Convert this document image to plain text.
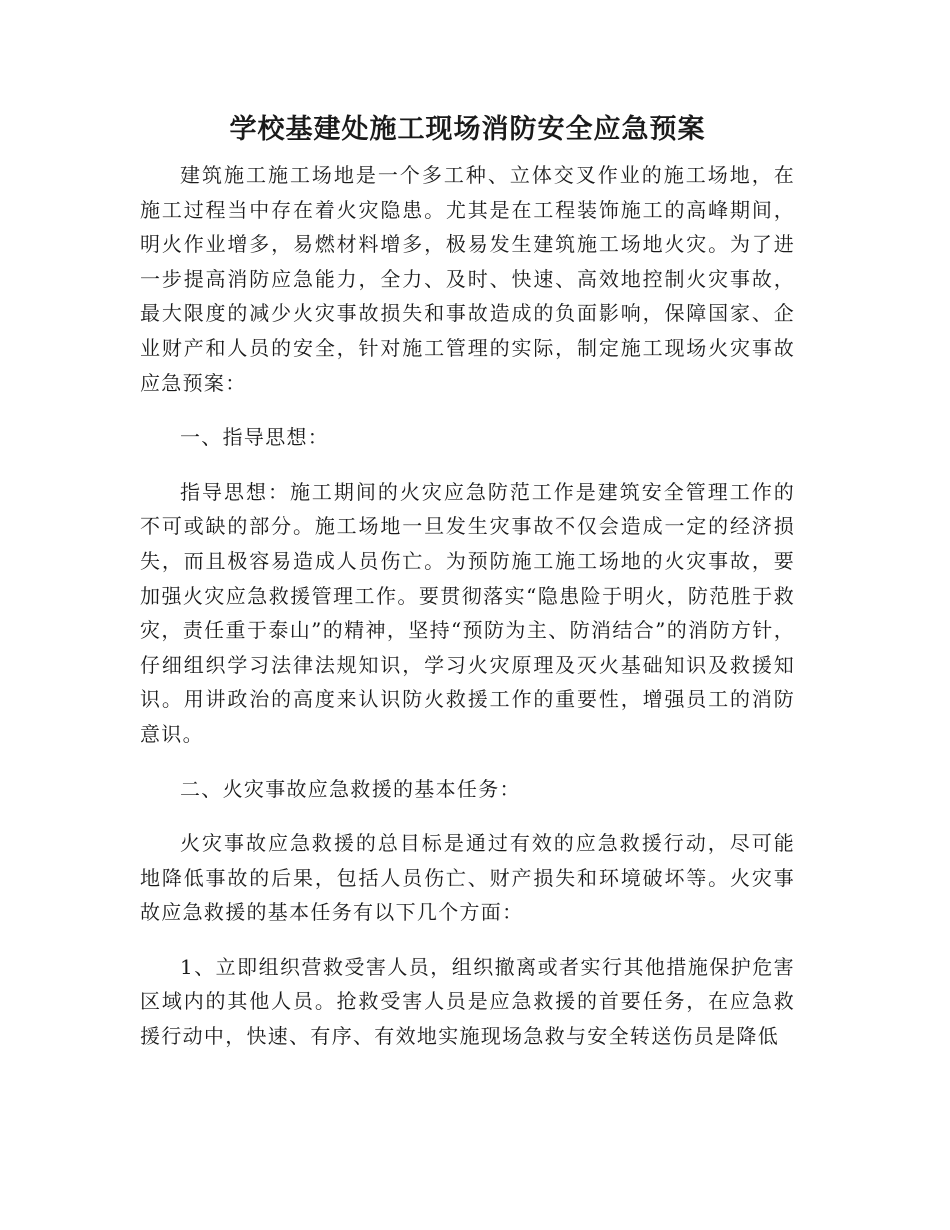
学校基建处施工现场消防安全应急预案

建筑施工施工场地是一个多工种、立体交叉作业的施工场地，在施工过程当中存在着火灾隐患。尤其是在工程装饰施工的高峰期间，明火作业增多，易燃材料增多，极易发生建筑施工场地火灾。为了进一步提高消防应急能力，全力、及时、快速、高效地控制火灾事故，最大限度的减少火灾事故损失和事故造成的负面影响，保障国家、企业财产和人员的安全，针对施工管理的实际，制定施工现场火灾事故应急预案：

一、指导思想：

指导思想：施工期间的火灾应急防范工作是建筑安全管理工作的不可或缺的部分。施工场地一旦发生灾事故不仅会造成一定的经济损失，而且极容易造成人员伤亡。为预防施工施工场地的火灾事故，要加强火灾应急救援管理工作。要贯彻落实“隐患险于明火，防范胜于救灾，责任重于泰山”的精神，坚持“预防为主、防消结合”的消防方针，仔细组织学习法律法规知识，学习火灾原理及灭火基础知识及救援知识。用讲政治的高度来认识防火救援工作的重要性，增强员工的消防意识。

二、火灾事故应急救援的基本任务：

火灾事故应急救援的总目标是通过有效的应急救援行动，尽可能地降低事故的后果，包括人员伤亡、财产损失和环境破坏等。火灾事故应急救援的基本任务有以下几个方面：

1、立即组织营救受害人员，组织撤离或者实行其他措施保护危害区域内的其他人员。抢救受害人员是应急救援的首要任务，在应急救援行动中，快速、有序、有效地实施现场急救与安全转送伤员是降低
